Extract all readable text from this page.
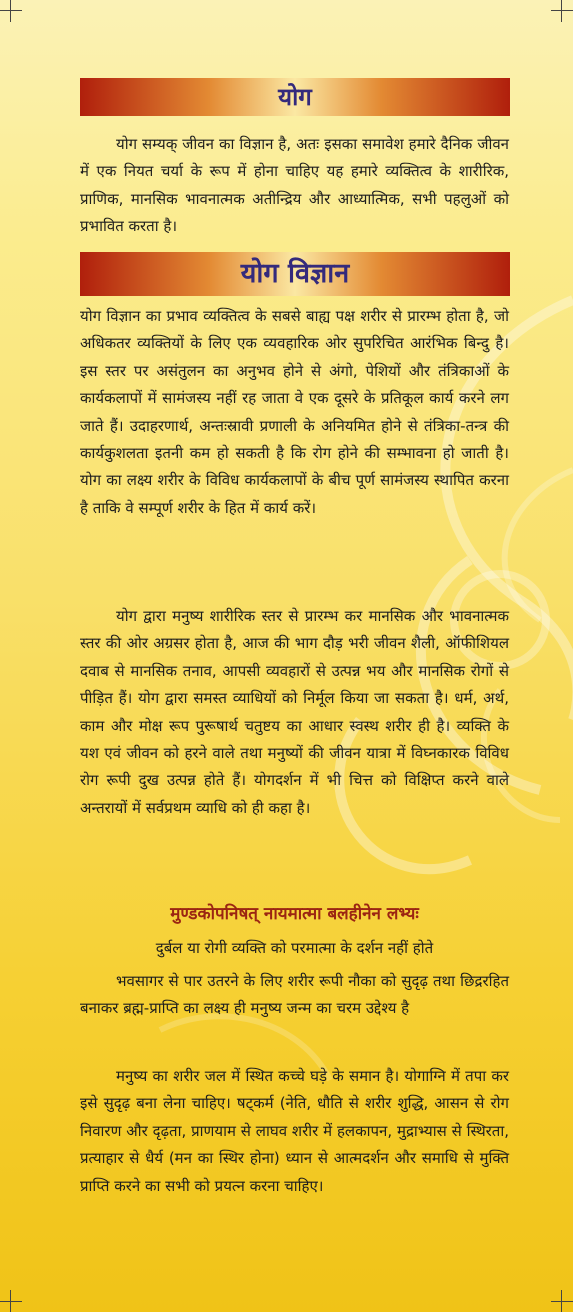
योग

योग सम्यक् जीवन का विज्ञान है, अतः इसका समावेश हमारे दैनिक जीवन में एक नियत चर्या के रूप में होना चाहिए यह हमारे व्यक्तित्व के शारीरिक, प्राणिक, मानसिक भावनात्मक अतीन्द्रिय और आध्यात्मिक, सभी पहलुओं को प्रभावित करता है।

योग विज्ञान

योग विज्ञान का प्रभाव व्यक्तित्व के सबसे बाह्य पक्ष शरीर से प्रारम्भ होता है, जो अधिकतर व्यक्तियों के लिए एक व्यवहारिक ओर सुपरिचित आरंभिक बिन्दु है। इस स्तर पर असंतुलन का अनुभव होने से अंगो, पेशियों और तंत्रिकाओं के कार्यकलापों में सामंजस्य नहीं रह जाता वे एक दूसरे के प्रतिकूल कार्य करने लग जाते हैं। उदाहरणार्थ, अन्तःस्रावी प्रणाली के अनियमित होने से तंत्रिका-तन्त्र की कार्यकुशलता इतनी कम हो सकती है कि रोग होने की सम्भावना हो जाती है। योग का लक्ष्य शरीर के विविध कार्यकलापों के बीच पूर्ण सामंजस्य स्थापित करना है ताकि वे सम्पूर्ण शरीर के हित में कार्य करें।

योग द्वारा मनुष्य शारीरिक स्तर से प्रारम्भ कर मानसिक और भावनात्मक स्तर की ओर अग्रसर होता है, आज की भाग दौड़ भरी जीवन शैली, ऑफीशियल दवाब से मानसिक तनाव, आपसी व्यवहारों से उत्पन्न भय और मानसिक रोगों से पीड़ित हैं। योग द्वारा समस्त व्याधियों को निर्मूल किया जा सकता है। धर्म, अर्थ, काम और मोक्ष रूप पुरूषार्थ चतुष्टय का आधार स्वस्थ शरीर ही है। व्यक्ति के यश एवं जीवन को हरने वाले तथा मनुष्यों की जीवन यात्रा में विघ्नकारक विविध रोग रूपी दुख उत्पन्न होते हैं। योगदर्शन में भी चित्त को विक्षिप्त करने वाले अन्तरायों में सर्वप्रथम व्याधि को ही कहा है।

मुण्डकोपनिषत् नायमात्मा बलहीनेन लभ्यः

दुर्बल या रोगी व्यक्ति को परमात्मा के दर्शन नहीं होते

भवसागर से पार उतरने के लिए शरीर रूपी नौका को सुदृढ़ तथा छिद्ररहित बनाकर ब्रह्म-प्राप्ति का लक्ष्य ही मनुष्य जन्म का चरम उद्देश्य है

मनुष्य का शरीर जल में स्थित कच्चे घड़े के समान है। योगाग्नि में तपा कर इसे सुदृढ़ बना लेना चाहिए। षट्कर्म (नेति, धौति से शरीर शुद्धि, आसन से रोग निवारण और दृढ़ता, प्राणयाम से लाघव शरीर में हलकापन, मुद्राभ्यास से स्थिरता, प्रत्याहार से धैर्य (मन का स्थिर होना) ध्यान से आत्मदर्शन और समाधि से मुक्ति प्राप्ति करने का सभी को प्रयत्न करना चाहिए।
